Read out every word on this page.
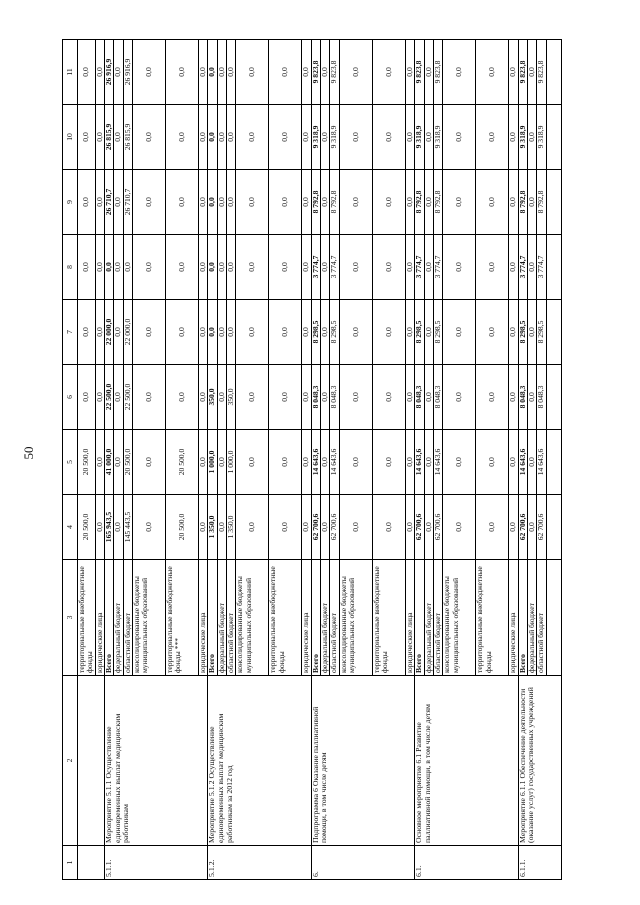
50
1	2	3	4	5	6	7	8	9	10	11
		территориальные внебюджетные фонды	20 500,0	20 500,0	0,0	0,0	0,0	0,0	0,0	0,0
		юридические лица	0,0	0,0	0,0	0,0	0,0	0,0	0,0	0,0
5.1.1.	Мероприятие 5.1.1 Осуществление единовременных выплат медицинским работникам	Всего	165 943,5	41 000,0	22 500,0	22 000,0	0,0	26 710,7	26 815,9	26 916,9
		федеральный бюджет	0,0	0,0	0,0	0,0	0,0	0,0	0,0	0,0
		областной бюджет	145 443,5	20 500,0	22 500,0	22 000,0	0,0	26 710,7	26 815,9	26 916,9
		консолидированные бюджеты муниципальных образований	0,0	0,0	0,0	0,0	0,0	0,0	0,0	0,0
		территориальные внебюджетные фонды ***	20 500,0	20 500,0	0,0	0,0	0,0	0,0	0,0	0,0
		юридические лица	0,0	0,0	0,0	0,0	0,0	0,0	0,0	0,0
5.1.2.	Мероприятие 5.1.2 Осуществление единовременных выплат медицинским работникам за 2012 год	Всего	1 350,0	1 000,0	350,0	0,0	0,0	0,0	0,0	0,0
		федеральный бюджет	0,0	0,0	0,0	0,0	0,0	0,0	0,0	0,0
		областной бюджет	1 350,0	1 000,0	350,0	0,0	0,0	0,0	0,0	0,0
		консолидированные бюджеты муниципальных образований	0,0	0,0	0,0	0,0	0,0	0,0	0,0	0,0
		территориальные внебюджетные фонды	0,0	0,0	0,0	0,0	0,0	0,0	0,0	0,0
		юридические лица	0,0	0,0	0,0	0,0	0,0	0,0	0,0	0,0
6.	Подпрограмма 6 Оказание паллиативной помощи, в том числе детям	Всего	62 700,6	14 643,6	8 048,3	8 298,5	3 774,7	8 792,8	9 318,9	9 823,8
		федеральный бюджет	0,0	0,0	0,0	0,0	0,0	0,0	0,0	0,0
		областной бюджет	62 700,6	14 643,6	8 048,3	8 298,5	3 774,7	8 792,8	9 318,9	9 823,8
		консолидированные бюджеты муниципальных образований	0,0	0,0	0,0	0,0	0,0	0,0	0,0	0,0
		территориальные внебюджетные фонды	0,0	0,0	0,0	0,0	0,0	0,0	0,0	0,0
		юридические лица	0,0	0,0	0,0	0,0	0,0	0,0	0,0	0,0
6.1.	Основное мероприятие 6.1 Развитие паллиативной помощи, в том числе детям	Всего	62 700,6	14 643,6	8 048,3	8 298,5	3 774,7	8 792,8	9 318,9	9 823,8
		федеральный бюджет	0,0	0,0	0,0	0,0	0,0	0,0	0,0	0,0
		областной бюджет	62 700,6	14 643,6	8 048,3	8 298,5	3 774,7	8 792,8	9 318,9	9 823,8
		консолидированные бюджеты муниципальных образований	0,0	0,0	0,0	0,0	0,0	0,0	0,0	0,0
		территориальные внебюджетные фонды	0,0	0,0	0,0	0,0	0,0	0,0	0,0	0,0
		юридические лица	0,0	0,0	0,0	0,0	0,0	0,0	0,0	0,0
6.1.1.	Мероприятие 6.1.1 Обеспечение деятельности (оказание услуг) государственных учреждений	Всего	62 700,6	14 643,6	8 048,3	8 298,5	3 774,7	8 792,8	9 318,9	9 823,8
		федеральный бюджет	0,0	0,0	0,0	0,0	0,0	0,0	0,0	0,0
		областной бюджет	62 700,6	14 643,6	8 048,3	8 298,5	3 774,7	8 792,8	9 318,9	9 823,8
